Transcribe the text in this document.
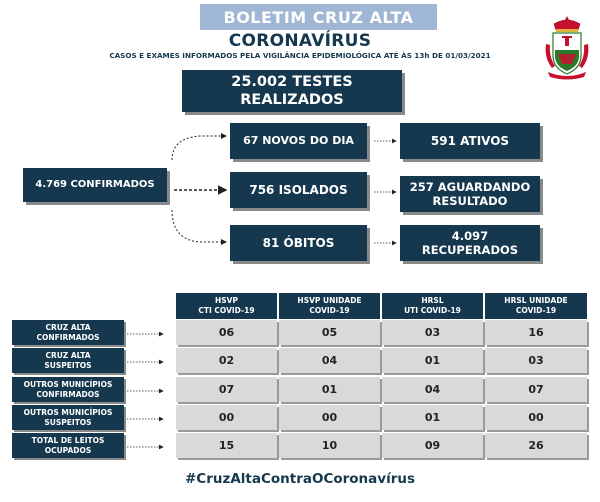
BOLETIM CRUZ ALTA
CORONAVÍRUS
CASOS E EXAMES INFORMADOS PELA VIGILÂNCIA EPIDEMIOLÓGICA ATÉ ÀS 13h DE 01/03/2021
25.002 TESTES
REALIZADOS
4.769 CONFIRMADOS
67 NOVOS DO DIA
756 ISOLADOS
81 ÓBITOS
591 ATIVOS
257 AGUARDANDO
RESULTADO
4.097
RECUPERADOS
HSVP
CTI COVID-19
HSVP UNIDADE
COVID-19
HRSL
UTI COVID-19
HRSL UNIDADE
COVID-19
CRUZ ALTA
CONFIRMADOS	06	05	03	16
CRUZ ALTA
SUSPEITOS	02	04	01	03
OUTROS MUNICÍPIOS
CONFIRMADOS	07	01	04	07
OUTROS MUNICÍPIOS
SUSPEITOS	00	00	01	00
TOTAL DE LEITOS
OCUPADOS	15	10	09	26
#CruzAltaContraOCoronavírus
